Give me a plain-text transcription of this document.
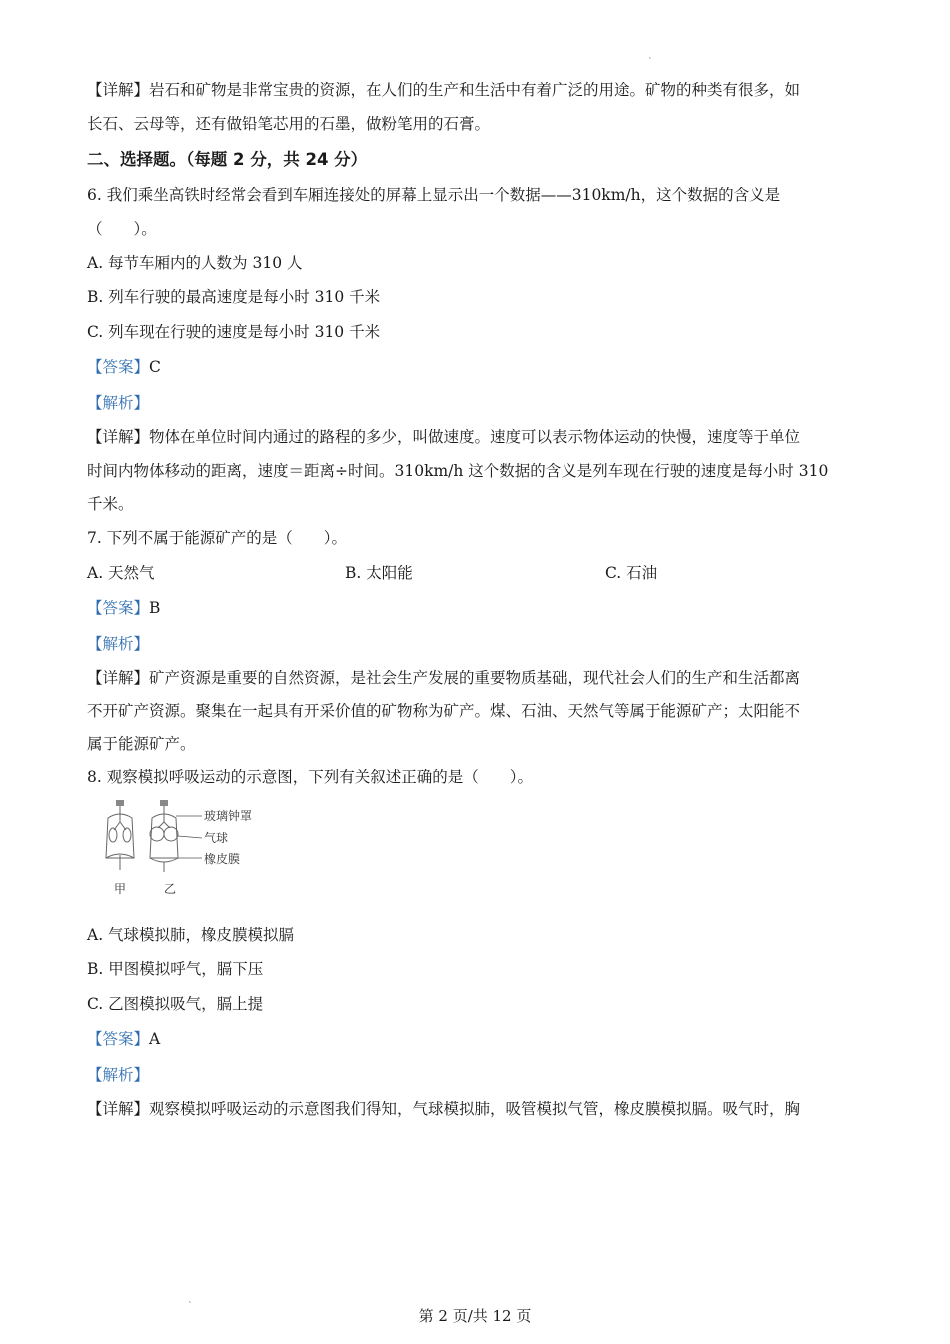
`
【详解】岩石和矿物是非常宝贵的资源，在人们的生产和生活中有着广泛的用途。矿物的种类有很多，如
长石、云母等，还有做铅笔芯用的石墨，做粉笔用的石膏。
二、选择题。（每题 2 分，共 24 分）
6. 我们乘坐高铁时经常会看到车厢连接处的屏幕上显示出一个数据——310km/h，这个数据的含义是
（　　）。
A. 每节车厢内的人数为 310 人
B. 列车行驶的最高速度是每小时 310 千米
C. 列车现在行驶的速度是每小时 310 千米
【答案】C
【解析】
【详解】物体在单位时间内通过的路程的多少，叫做速度。速度可以表示物体运动的快慢，速度等于单位
时间内物体移动的距离，速度＝距离÷时间。310km/h 这个数据的含义是列车现在行驶的速度是每小时 310
千米。
7. 下列不属于能源矿产的是（　　）。
A. 天然气	B. 太阳能	C. 石油
【答案】B
【解析】
【详解】矿产资源是重要的自然资源，是社会生产发展的重要物质基础，现代社会人们的生产和生活都离
不开矿产资源。聚集在一起具有开采价值的矿物称为矿产。煤、石油、天然气等属于能源矿产；太阳能不
属于能源矿产。
8. 观察模拟呼吸运动的示意图，下列有关叙述正确的是（　　）。
玻璃钟罩
气球
橡皮膜
甲	乙
A. 气球模拟肺，橡皮膜模拟膈
B. 甲图模拟呼气，膈下压
C. 乙图模拟吸气，膈上提
【答案】A
【解析】
【详解】观察模拟呼吸运动的示意图我们得知，气球模拟肺，吸管模拟气管，橡皮膜模拟膈。吸气时，胸
`	第 2 页/共 12 页
